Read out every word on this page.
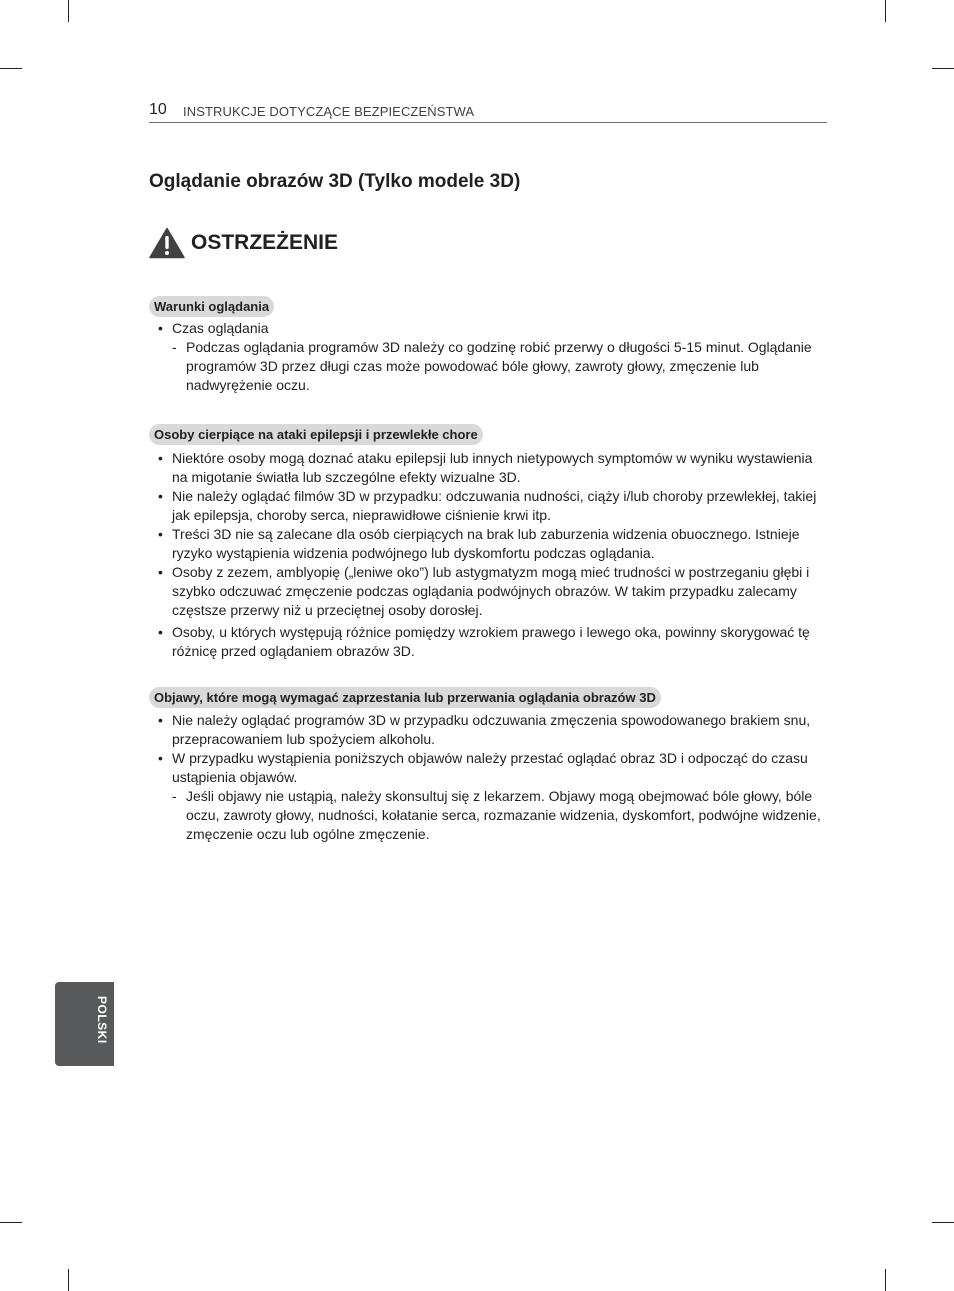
10 INSTRUKCJE DOTYCZĄCE BEZPIECZEŃSTWA
Oglądanie obrazów 3D (Tylko modele 3D)
OSTRZEŻENIE
Warunki oglądania
• Czas oglądania
- Podczas oglądania programów 3D należy co godzinę robić przerwy o długości 5-15 minut. Oglądanie programów 3D przez długi czas może powodować bóle głowy, zawroty głowy, zmęczenie lub nadwyrężenie oczu.
Osoby cierpiące na ataki epilepsji i przewlekłe chore
• Niektóre osoby mogą doznać ataku epilepsji lub innych nietypowych symptomów w wyniku wystawienia na migotanie światła lub szczególne efekty wizualne 3D.
• Nie należy oglądać filmów 3D w przypadku: odczuwania nudności, ciąży i/lub choroby przewlekłej, takiej jak epilepsja, choroby serca, nieprawidłowe ciśnienie krwi itp.
• Treści 3D nie są zalecane dla osób cierpiących na brak lub zaburzenia widzenia obuocznego. Istnieje ryzyko wystąpienia widzenia podwójnego lub dyskomfortu podczas oglądania.
• Osoby z zezem, amblyopię („leniwe oko”) lub astygmatyzm mogą mieć trudności w postrzeganiu głębi i szybko odczuwać zmęczenie podczas oglądania podwójnych obrazów. W takim przypadku zalecamy częstsze przerwy niż u przeciętnej osoby dorosłej.
• Osoby, u których występują różnice pomiędzy wzrokiem prawego i lewego oka, powinny skorygować tę różnicę przed oglądaniem obrazów 3D.
Objawy, które mogą wymagać zaprzestania lub przerwania oglądania obrazów 3D
• Nie należy oglądać programów 3D w przypadku odczuwania zmęczenia spowodowanego brakiem snu, przepracowaniem lub spożyciem alkoholu.
• W przypadku wystąpienia poniższych objawów należy przestać oglądać obraz 3D i odpocząć do czasu ustąpienia objawów.
- Jeśli objawy nie ustąpią, należy skonsultuj się z lekarzem. Objawy mogą obejmować bóle głowy, bóle oczu, zawroty głowy, nudności, kołatanie serca, rozmazanie widzenia, dyskomfort, podwójne widzenie, zmęczenie oczu lub ogólne zmęczenie.
POLSKI
